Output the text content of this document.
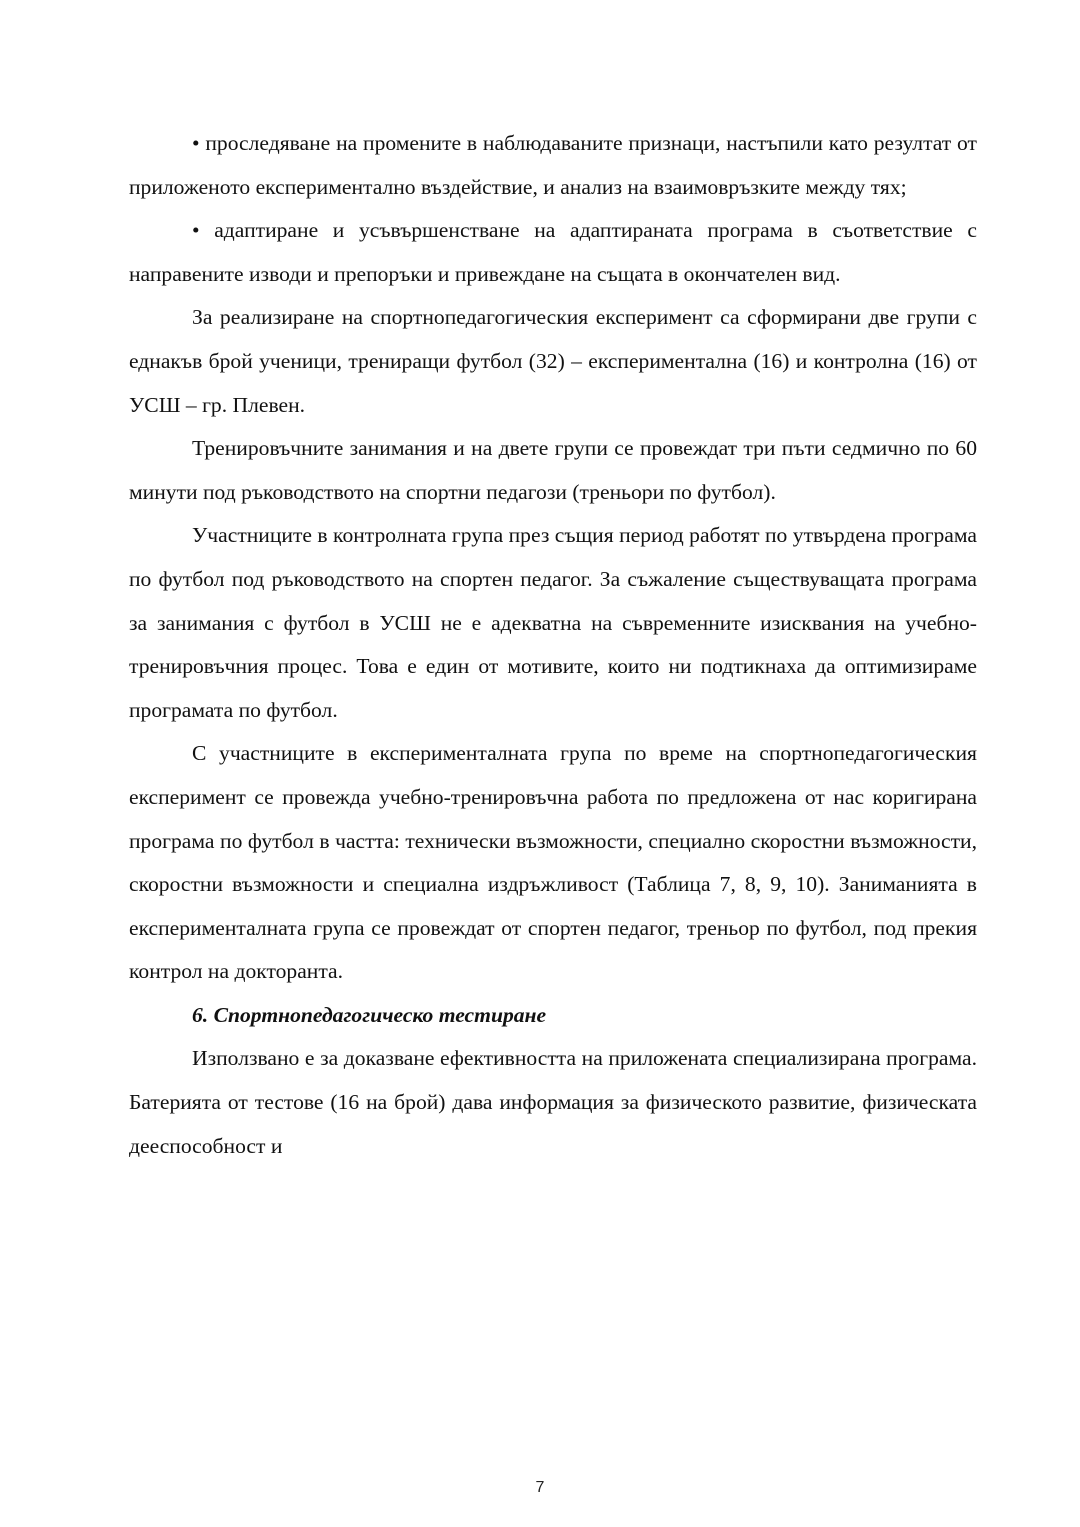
• проследяване на промените в наблюдаваните признаци, настъпили като резултат от приложеното експериментално въздействие, и анализ на взаимовръзките между тях;

• адаптиране и усъвършенстване на адаптираната програма в съответствие с направените изводи и препоръки и привеждане на същата в окончателен вид.

За реализиране на спортнопедагогическия експеримент са сформирани две групи с еднакъв брой ученици, трениращи футбол (32) – експериментална (16) и контролна (16) от УСШ – гр. Плевен.

Тренировъчните занимания и на двете групи се провеждат три пъти седмично по 60 минути под ръководството на спортни педагози (треньори по футбол).

Участниците в контролната група през същия период работят по утвърдена програма по футбол под ръководството на спортен педагог. За съжаление съществуващата програма за занимания с футбол в УСШ не е адекватна на съвременните изисквания на учебно-тренировъчния процес. Това е един от мотивите, които ни подтикнаха да оптимизираме програмата по футбол.

С участниците в експерименталната група по време на спортнопедагогическия експеримент се провежда учебно-тренировъчна работа по предложена от нас коригирана програма по футбол в частта: технически възможности, специално скоростни възможности, скоростни възможности и специална издръжливост (Таблица 7, 8, 9, 10). Заниманията в експерименталната група се провеждат от спортен педагог, треньор по футбол, под прекия контрол на докторанта.

6. Спортнопедагогическо тестиране

Използвано е за доказване ефективността на приложената специализирана програма. Батерията от тестове (16 на брой) дава информация за физическото развитие, физическата дееспособност и

7
